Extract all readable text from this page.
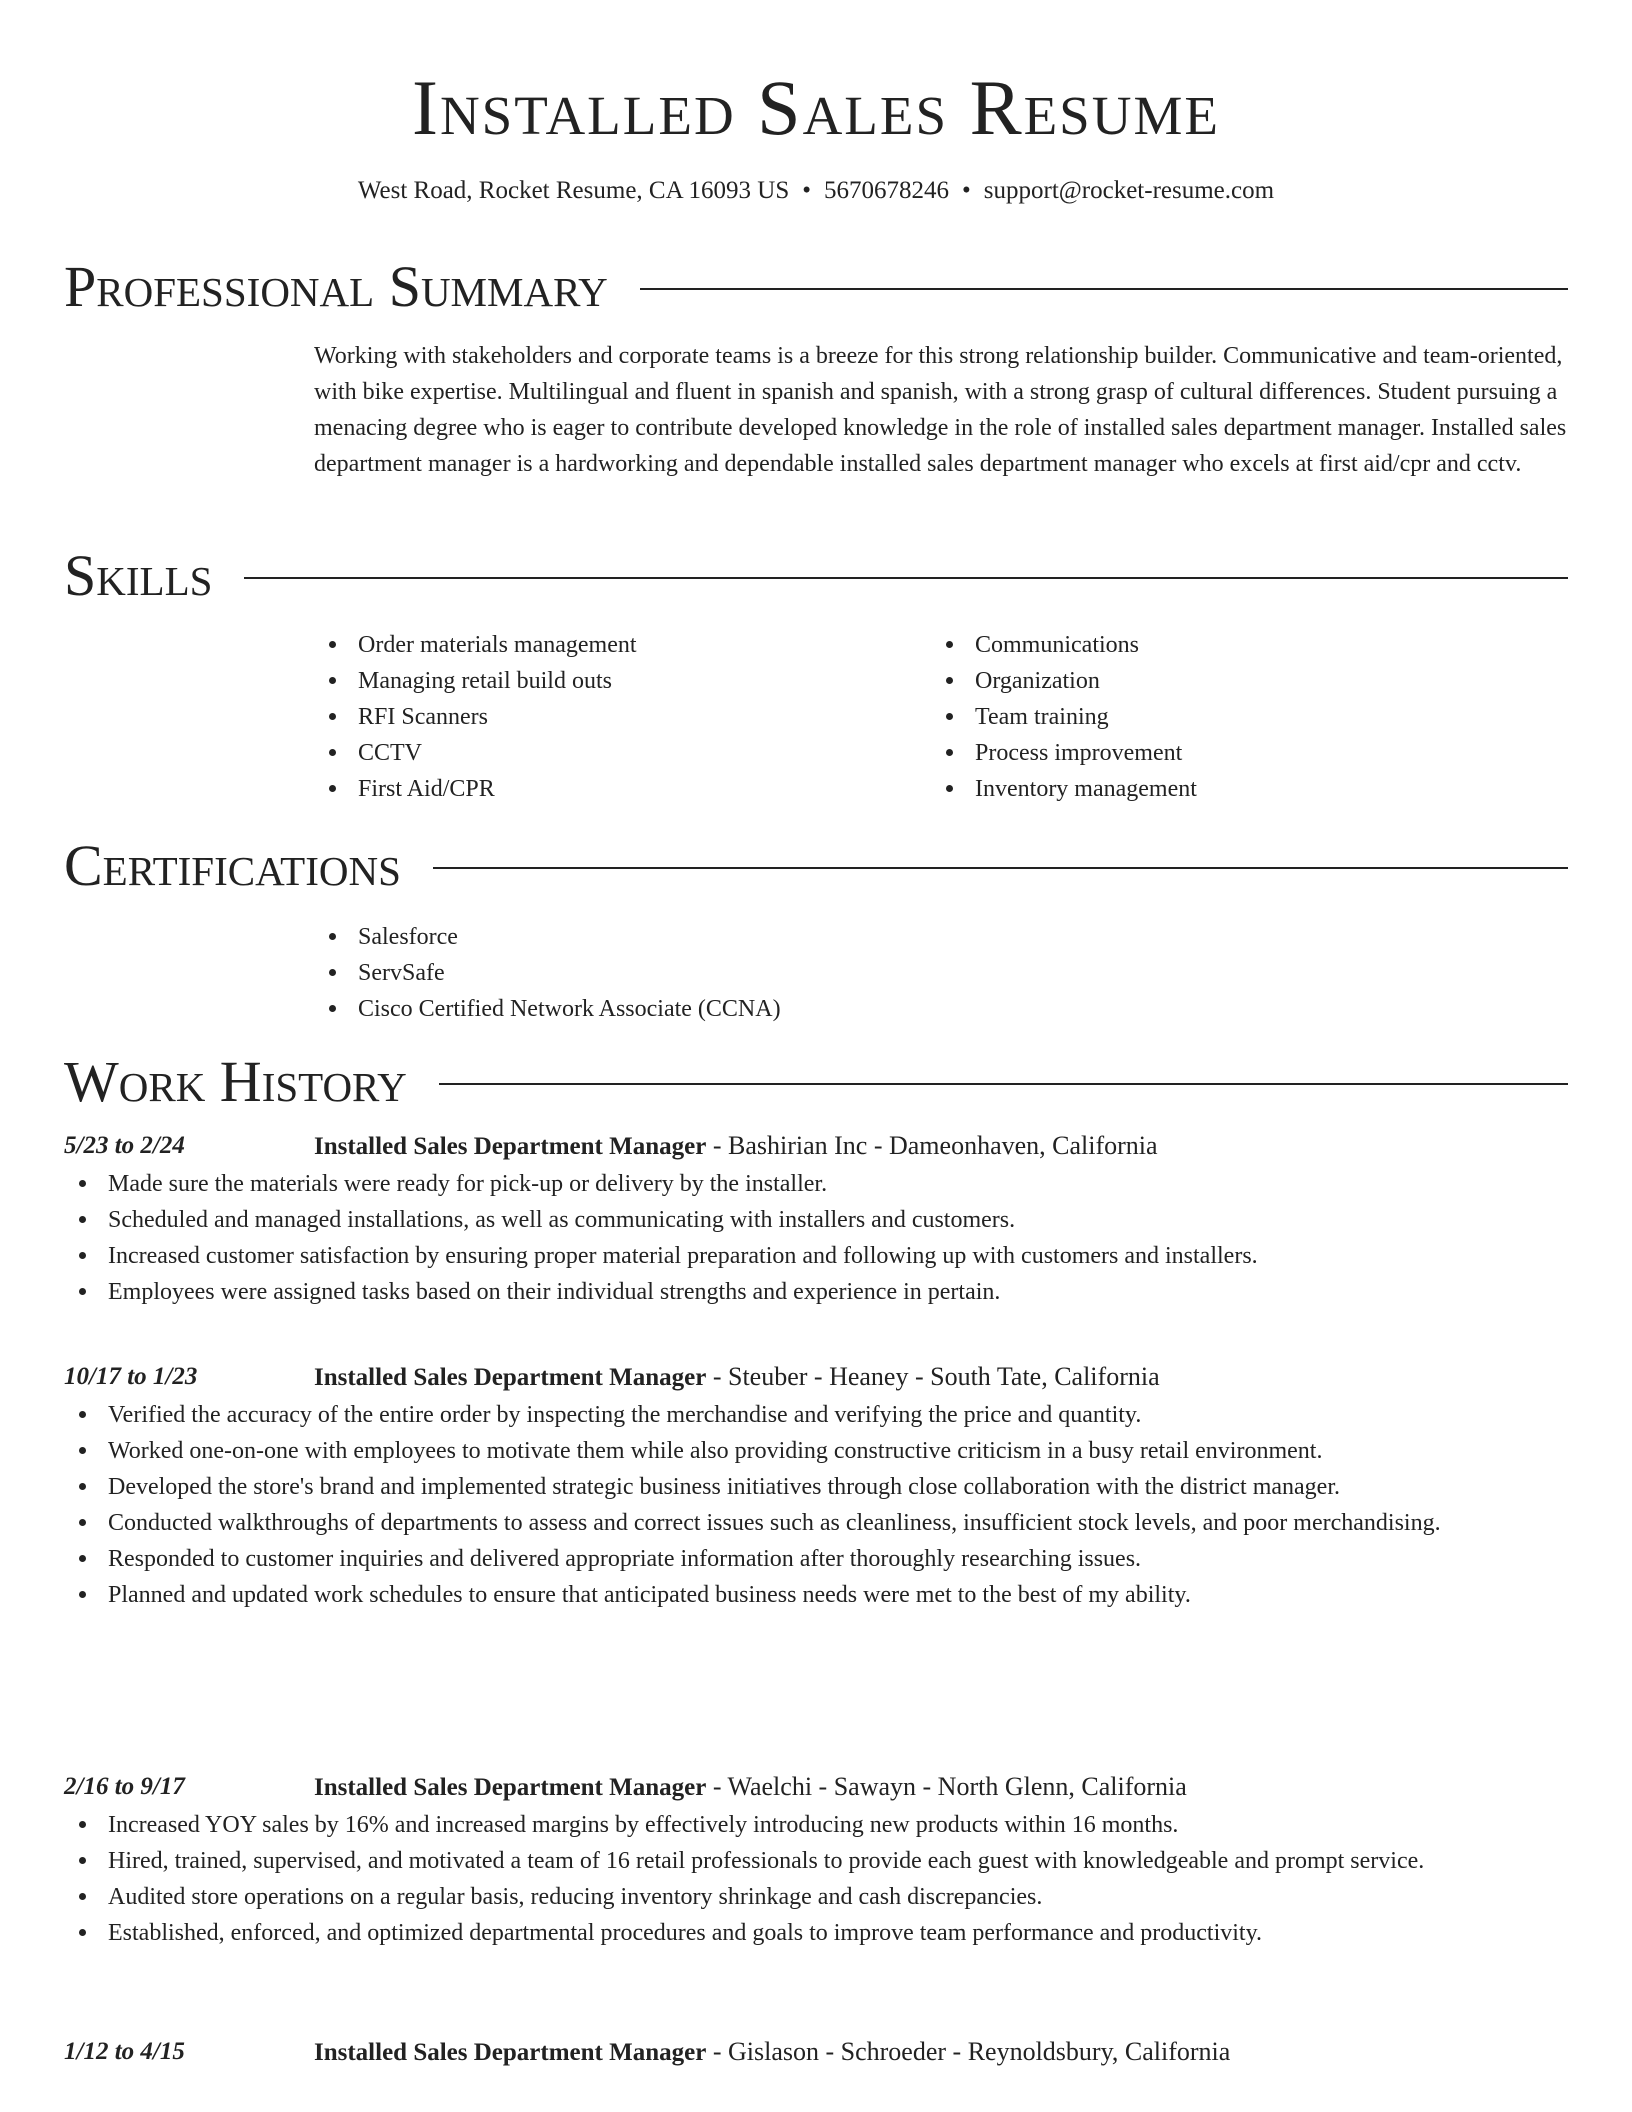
Installed Sales Resume
West Road, Rocket Resume, CA 16093 US • 5670678246 • support@rocket-resume.com
Professional Summary
Working with stakeholders and corporate teams is a breeze for this strong relationship builder. Communicative and team-oriented, with bike expertise. Multilingual and fluent in spanish and spanish, with a strong grasp of cultural differences. Student pursuing a menacing degree who is eager to contribute developed knowledge in the role of installed sales department manager. Installed sales department manager is a hardworking and dependable installed sales department manager who excels at first aid/cpr and cctv.
Skills
Order materials management
Managing retail build outs
RFI Scanners
CCTV
First Aid/CPR
Communications
Organization
Team training
Process improvement
Inventory management
Certifications
Salesforce
ServSafe
Cisco Certified Network Associate (CCNA)
Work History
5/23 to 2/24	Installed Sales Department Manager - Bashirian Inc - Dameonhaven, California
Made sure the materials were ready for pick-up or delivery by the installer.
Scheduled and managed installations, as well as communicating with installers and customers.
Increased customer satisfaction by ensuring proper material preparation and following up with customers and installers.
Employees were assigned tasks based on their individual strengths and experience in pertain.
10/17 to 1/23	Installed Sales Department Manager - Steuber - Heaney - South Tate, California
Verified the accuracy of the entire order by inspecting the merchandise and verifying the price and quantity.
Worked one-on-one with employees to motivate them while also providing constructive criticism in a busy retail environment.
Developed the store's brand and implemented strategic business initiatives through close collaboration with the district manager.
Conducted walkthroughs of departments to assess and correct issues such as cleanliness, insufficient stock levels, and poor merchandising.
Responded to customer inquiries and delivered appropriate information after thoroughly researching issues.
Planned and updated work schedules to ensure that anticipated business needs were met to the best of my ability.
2/16 to 9/17	Installed Sales Department Manager - Waelchi - Sawayn - North Glenn, California
Increased YOY sales by 16% and increased margins by effectively introducing new products within 16 months.
Hired, trained, supervised, and motivated a team of 16 retail professionals to provide each guest with knowledgeable and prompt service.
Audited store operations on a regular basis, reducing inventory shrinkage and cash discrepancies.
Established, enforced, and optimized departmental procedures and goals to improve team performance and productivity.
1/12 to 4/15	Installed Sales Department Manager - Gislason - Schroeder - Reynoldsbury, California
